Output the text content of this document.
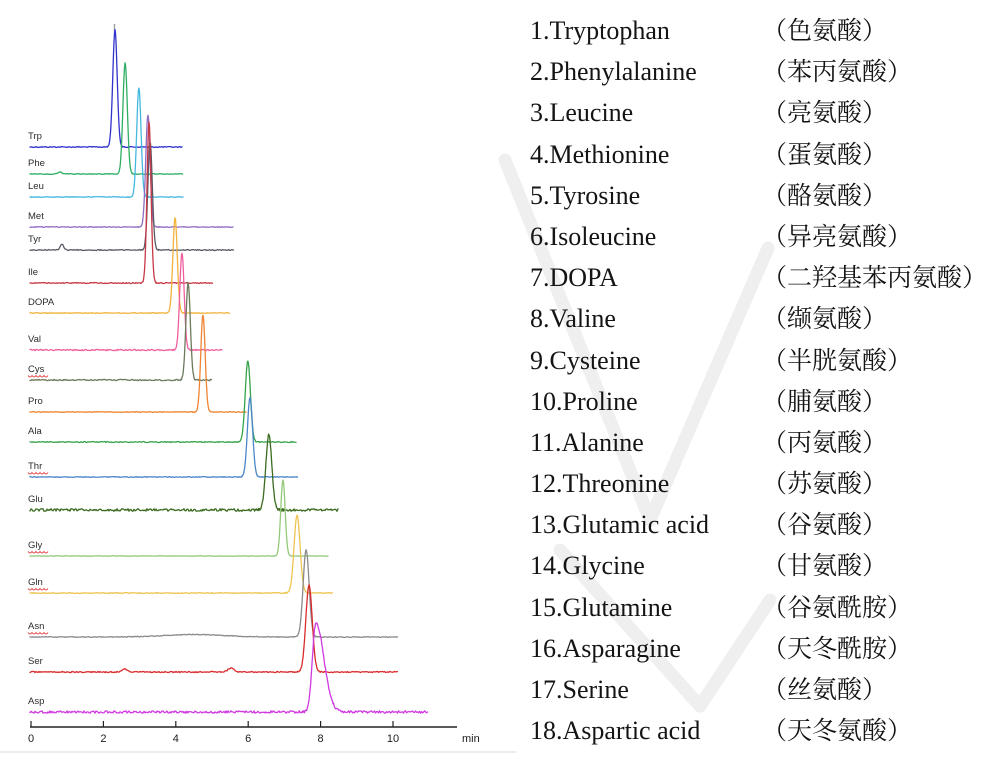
Trp
Phe
Leu
Met
Tyr
Ile
DOPA
Val
Cys
Pro
Ala
Thr
Glu
Gly
Gln
Asn
Ser
Asp
0	2	4	6	8	10	min
1.Tryptophan	（色氨酸）
2.Phenylalanine	（苯丙氨酸）
3.Leucine	（亮氨酸）
4.Methionine	（蛋氨酸）
5.Tyrosine	（酪氨酸）
6.Isoleucine	（异亮氨酸）
7.DOPA	（二羟基苯丙氨酸）
8.Valine	（缬氨酸）
9.Cysteine	（半胱氨酸）
10.Proline	（脯氨酸）
11.Alanine	（丙氨酸）
12.Threonine	（苏氨酸）
13.Glutamic acid	（谷氨酸）
14.Glycine	（甘氨酸）
15.Glutamine	（谷氨酰胺）
16.Asparagine	（天冬酰胺）
17.Serine	（丝氨酸）
18.Aspartic acid	（天冬氨酸）
